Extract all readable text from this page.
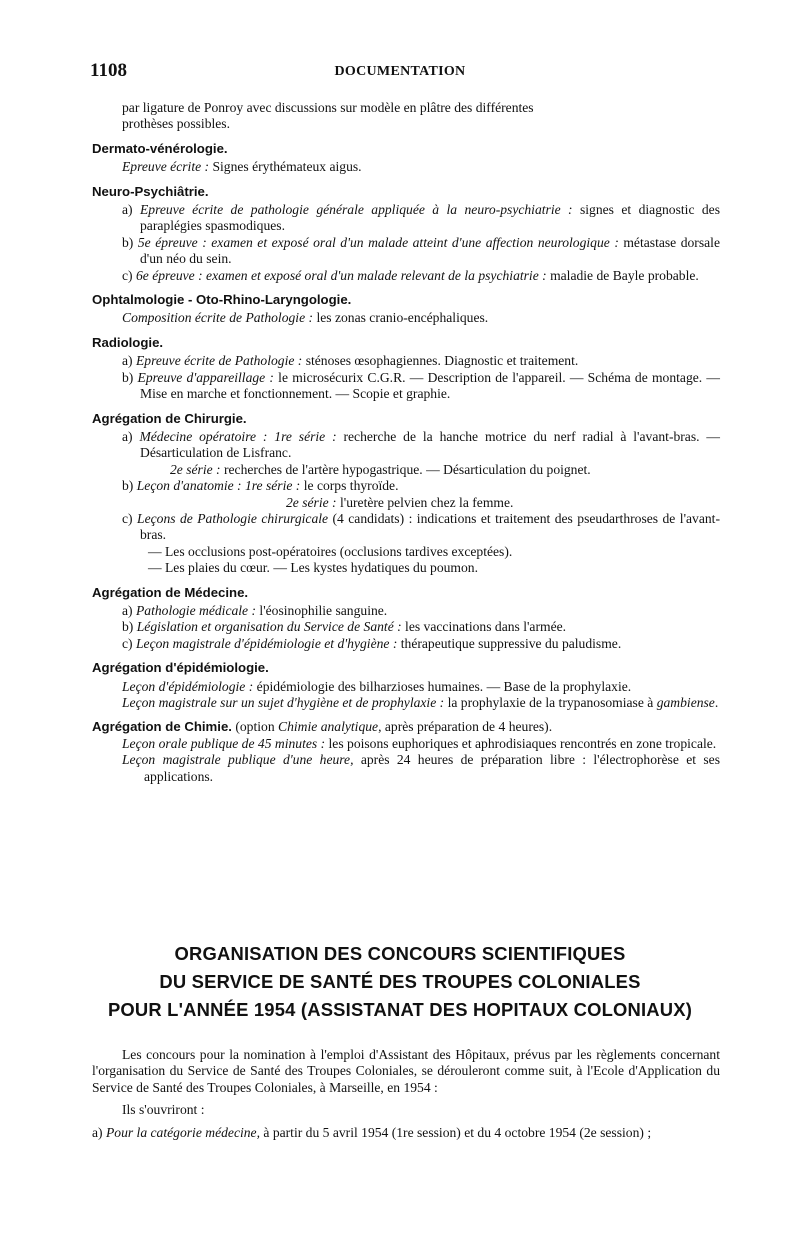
1108	DOCUMENTATION

par ligature de Ponroy avec discussions sur modèle en plâtre des différentes
prothèses possibles.

Dermato-vénérologie.

Epreuve écrite : Signes érythémateux aigus.

Neuro-Psychiâtrie.

a) Epreuve écrite de pathologie générale appliquée à la neuro-psychiatrie : signes et diagnostic des paraplégies spasmodiques.

b) 5e épreuve : examen et exposé oral d'un malade atteint d'une affection neurologique : métastase dorsale d'un néo du sein.

c) 6e épreuve : examen et exposé oral d'un malade relevant de la psychiatrie : maladie de Bayle probable.

Ophtalmologie - Oto-Rhino-Laryngologie.

Composition écrite de Pathologie : les zonas cranio-encéphaliques.

Radiologie.

a) Epreuve écrite de Pathologie : sténoses œsophagiennes. Diagnostic et traitement.

b) Epreuve d'appareillage : le microsécurix C.G.R. — Description de l'appareil. — Schéma de montage. — Mise en marche et fonctionnement. — Scopie et graphie.

Agrégation de Chirurgie.

a) Médecine opératoire : 1re série : recherche de la hanche motrice du nerf radial à l'avant-bras. — Désarticulation de Lisfranc.

2e série : recherches de l'artère hypogastrique. — Désarticulation du poignet.

b) Leçon d'anatomie : 1re série : le corps thyroïde.

2e série : l'uretère pelvien chez la femme.

c) Leçons de Pathologie chirurgicale (4 candidats) : indications et traitement des pseudarthroses de l'avant-bras.

— Les occlusions post-opératoires (occlusions tardives exceptées).

— Les plaies du cœur. — Les kystes hydatiques du poumon.

Agrégation de Médecine.

a) Pathologie médicale : l'éosinophilie sanguine.

b) Législation et organisation du Service de Santé : les vaccinations dans l'armée.

c) Leçon magistrale d'épidémiologie et d'hygiène : thérapeutique suppressive du paludisme.

Agrégation d'épidémiologie.

Leçon d'épidémiologie : épidémiologie des bilharzioses humaines. — Base de la prophylaxie.

Leçon magistrale sur un sujet d'hygiène et de prophylaxie : la prophylaxie de la trypanosomiase à gambiense.

Agrégation de Chimie. (option Chimie analytique, après préparation de 4 heures).

Leçon orale publique de 45 minutes : les poisons euphoriques et aphrodisiaques rencontrés en zone tropicale.

Leçon magistrale publique d'une heure, après 24 heures de préparation libre : l'électrophorèse et ses applications.

ORGANISATION DES CONCOURS SCIENTIFIQUES
DU SERVICE DE SANTÉ DES TROUPES COLONIALES
POUR L'ANNÉE 1954 (ASSISTANAT DES HOPITAUX COLONIAUX)

Les concours pour la nomination à l'emploi d'Assistant des Hôpitaux, prévus par les règlements concernant l'organisation du Service de Santé des Troupes Coloniales, se dérouleront comme suit, à l'Ecole d'Application du Service de Santé des Troupes Coloniales, à Marseille, en 1954 :

Ils s'ouvriront :

a) Pour la catégorie médecine, à partir du 5 avril 1954 (1re session) et du 4 octobre 1954 (2e session) ;
